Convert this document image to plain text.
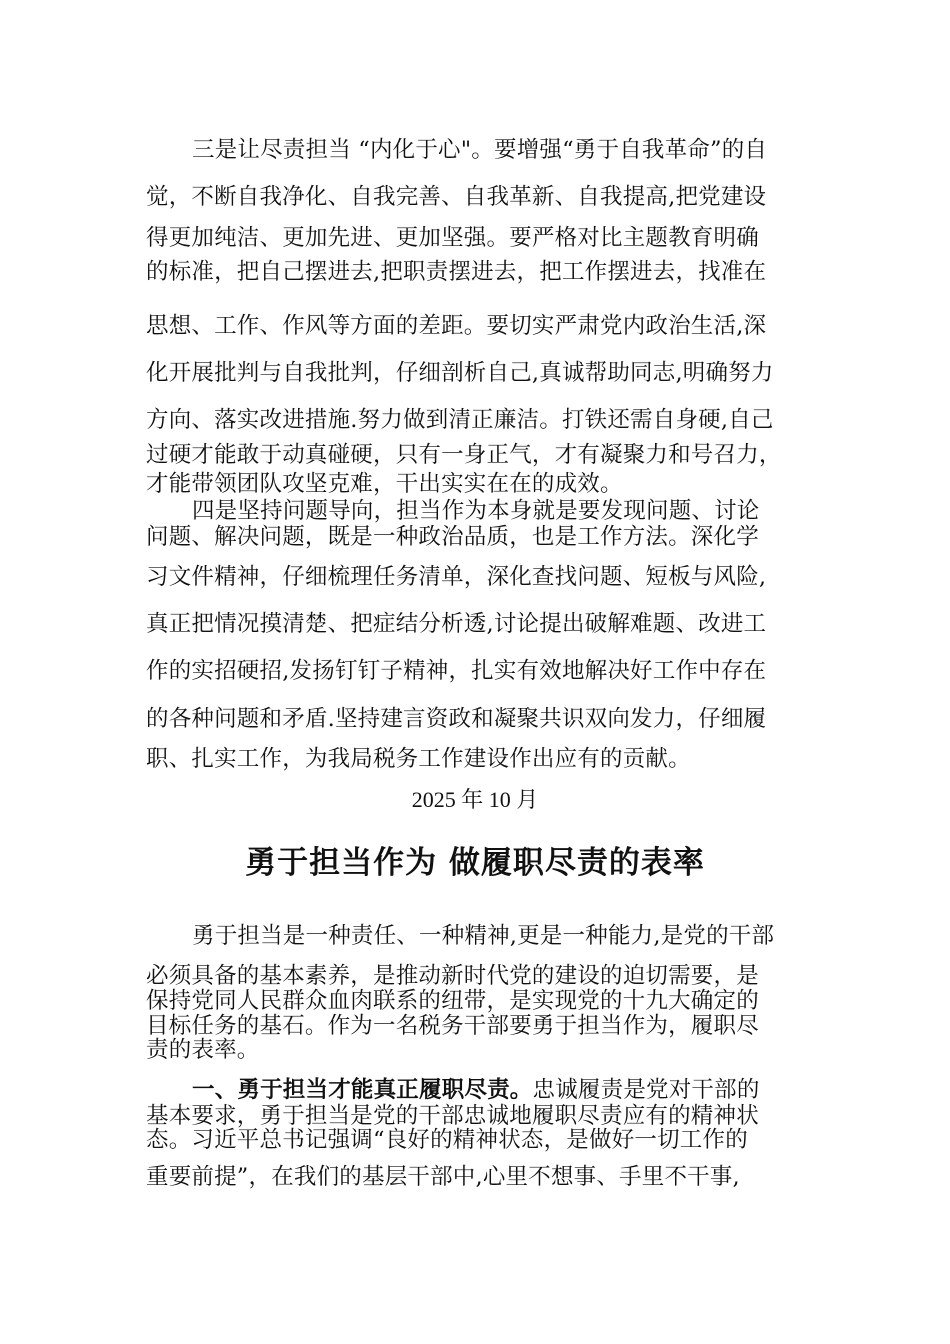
三是让尽责担当 “内化于心"。要增强“勇于自我革命”的自
觉，不断自我净化、自我完善、自我革新、自我提高,把党建设
得更加纯洁、更加先进、更加坚强。要严格对比主题教育明确
的标准，把自己摆进去,把职责摆进去，把工作摆进去，找准在
思想、工作、作风等方面的差距。要切实严肃党内政治生活,深
化开展批判与自我批判，仔细剖析自己,真诚帮助同志,明确努力
方向、落实改进措施.努力做到清正廉洁。打铁还需自身硬,自己
过硬才能敢于动真碰硬，只有一身正气，才有凝聚力和号召力，
才能带领团队攻坚克难，干出实实在在的成效。
四是坚持问题导向，担当作为本身就是要发现问题、讨论
问题、解决问题，既是一种政治品质，也是工作方法。深化学
习文件精神，仔细梳理任务清单，深化查找问题、短板与风险,
真正把情况摸清楚、把症结分析透,讨论提出破解难题、改进工
作的实招硬招,发扬钉钉子精神，扎实有效地解决好工作中存在
的各种问题和矛盾.坚持建言资政和凝聚共识双向发力，仔细履
职、扎实工作，为我局税务工作建设作出应有的贡献。
2025 年 10 月
勇于担当作为 做履职尽责的表率
勇于担当是一种责任、一种精神,更是一种能力,是党的干部
必须具备的基本素养，是推动新时代党的建设的迫切需要，是
保持党同人民群众血肉联系的纽带，是实现党的十九大确定的
目标任务的基石。作为一名税务干部要勇于担当作为，履职尽
责的表率。
一、勇于担当才能真正履职尽责。忠诚履责是党对干部的
基本要求，勇于担当是党的干部忠诚地履职尽责应有的精神状
态。习近平总书记强调“良好的精神状态，是做好一切工作的
重要前提”，在我们的基层干部中,心里不想事、手里不干事,
